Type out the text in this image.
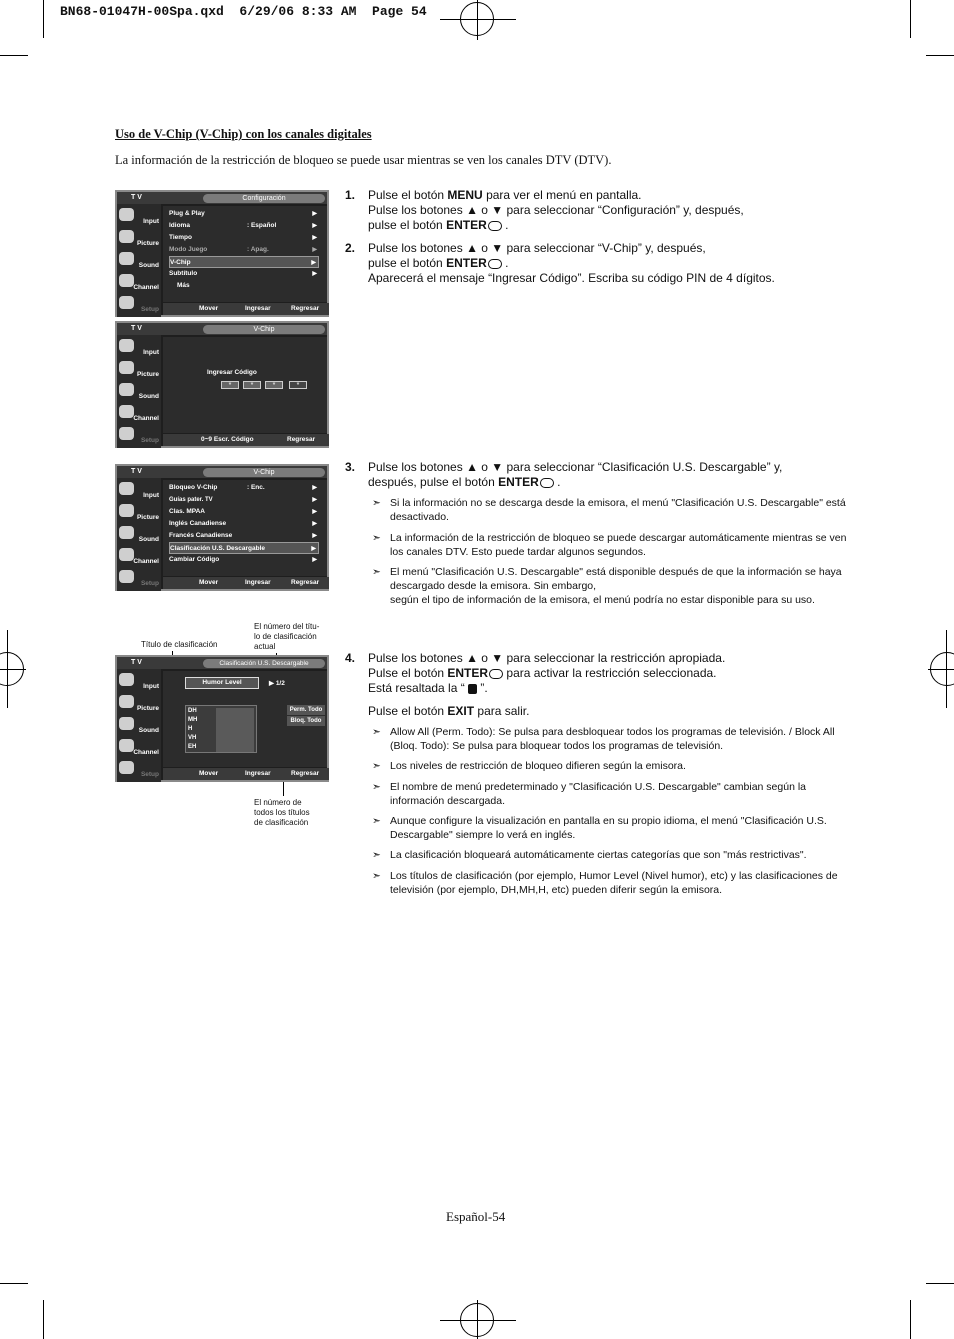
BN68-01047H-00Spa.qxd  6/29/06 8:33 AM  Page 54
Uso de V-Chip (V-Chip) con los canales digitales
La información de la restricción de bloqueo se puede usar mientras se ven los canales DTV (DTV).
T V	Configuración
Input
Picture
Sound
Channel
Setup
Plug & Play	▶
Idioma	: Español	▶
Tiempo	▶
Modo Juego	: Apag.	▶
V-Chip	▶
Subtítulo	▶
Más
Mover	Ingresar	Regresar
T V	V-Chip
Input
Picture
Sound
Channel
Setup
Ingresar Código
*	*	*	*
0~9 Escr. Código	Regresar
T V	V-Chip
Input
Picture
Sound
Channel
Setup
Bloqueo V-Chip	: Enc.	▶
Guías pater. TV	▶
Clas. MPAA	▶
Inglés Canadiense	▶
Francés Canadiense	▶
Clasificación U.S. Descargable	▶
Cambiar Código	▶
Mover	Ingresar	Regresar
Título de clasificación
El número del títu-
lo de clasificación
actual
El número de
todos los títulos
de clasificación
T V	Clasificación U.S. Descargable
Input
Picture
Sound
Channel
Setup
Humor Level	▶ 1/2
DH
MH
H
VH
EH
Perm. Todo
Bloq. Todo
Mover	Ingresar	Regresar
1. Pulse el botón MENU para ver el menú en pantalla.
Pulse los botones ▲ o ▼ para seleccionar “Configuración” y, después,
pulse el botón ENTER .
2. Pulse los botones ▲ o ▼ para seleccionar “V-Chip” y, después,
pulse el botón ENTER .
Aparecerá el mensaje “Ingresar Código”. Escriba su código PIN de 4 dígitos.
3. Pulse los botones ▲ o ▼ para seleccionar “Clasificación U.S. Descargable” y,
después, pulse el botón ENTER .
➣ Si la información no se descarga desde la emisora, el menú "Clasificación U.S. Descargable" está desactivado.
➣ La información de la restricción de bloqueo se puede descargar automáticamente mientras se ven los canales DTV. Esto puede tardar algunos segundos.
➣ El menú "Clasificación U.S. Descargable" está disponible después de que la información se haya descargado desde la emisora. Sin embargo,
según el tipo de información de la emisora, el menú podría no estar disponible para su uso.
4. Pulse los botones ▲ o ▼ para seleccionar la restricción apropiada.
Pulse el botón ENTER para activar la restricción seleccionada.
Está resaltada la “  ”.
Pulse el botón EXIT para salir.
➣ Allow All (Perm. Todo): Se pulsa para desbloquear todos los programas de televisión. / Block All (Bloq. Todo): Se pulsa para bloquear todos los programas de televisión.
➣ Los niveles de restricción de bloqueo difieren según la emisora.
➣ El nombre de menú predeterminado y "Clasificación U.S. Descargable" cambian según la información descargada.
➣ Aunque configure la visualización en pantalla en su propio idioma, el menú "Clasificación U.S. Descargable" siempre lo verá en inglés.
➣ La clasificación bloqueará automáticamente ciertas categorías que son "más restrictivas".
➣ Los títulos de clasificación (por ejemplo, Humor Level (Nivel humor), etc) y las clasificaciones de televisión (por ejemplo, DH,MH,H, etc) pueden diferir según la emisora.
Español-54
